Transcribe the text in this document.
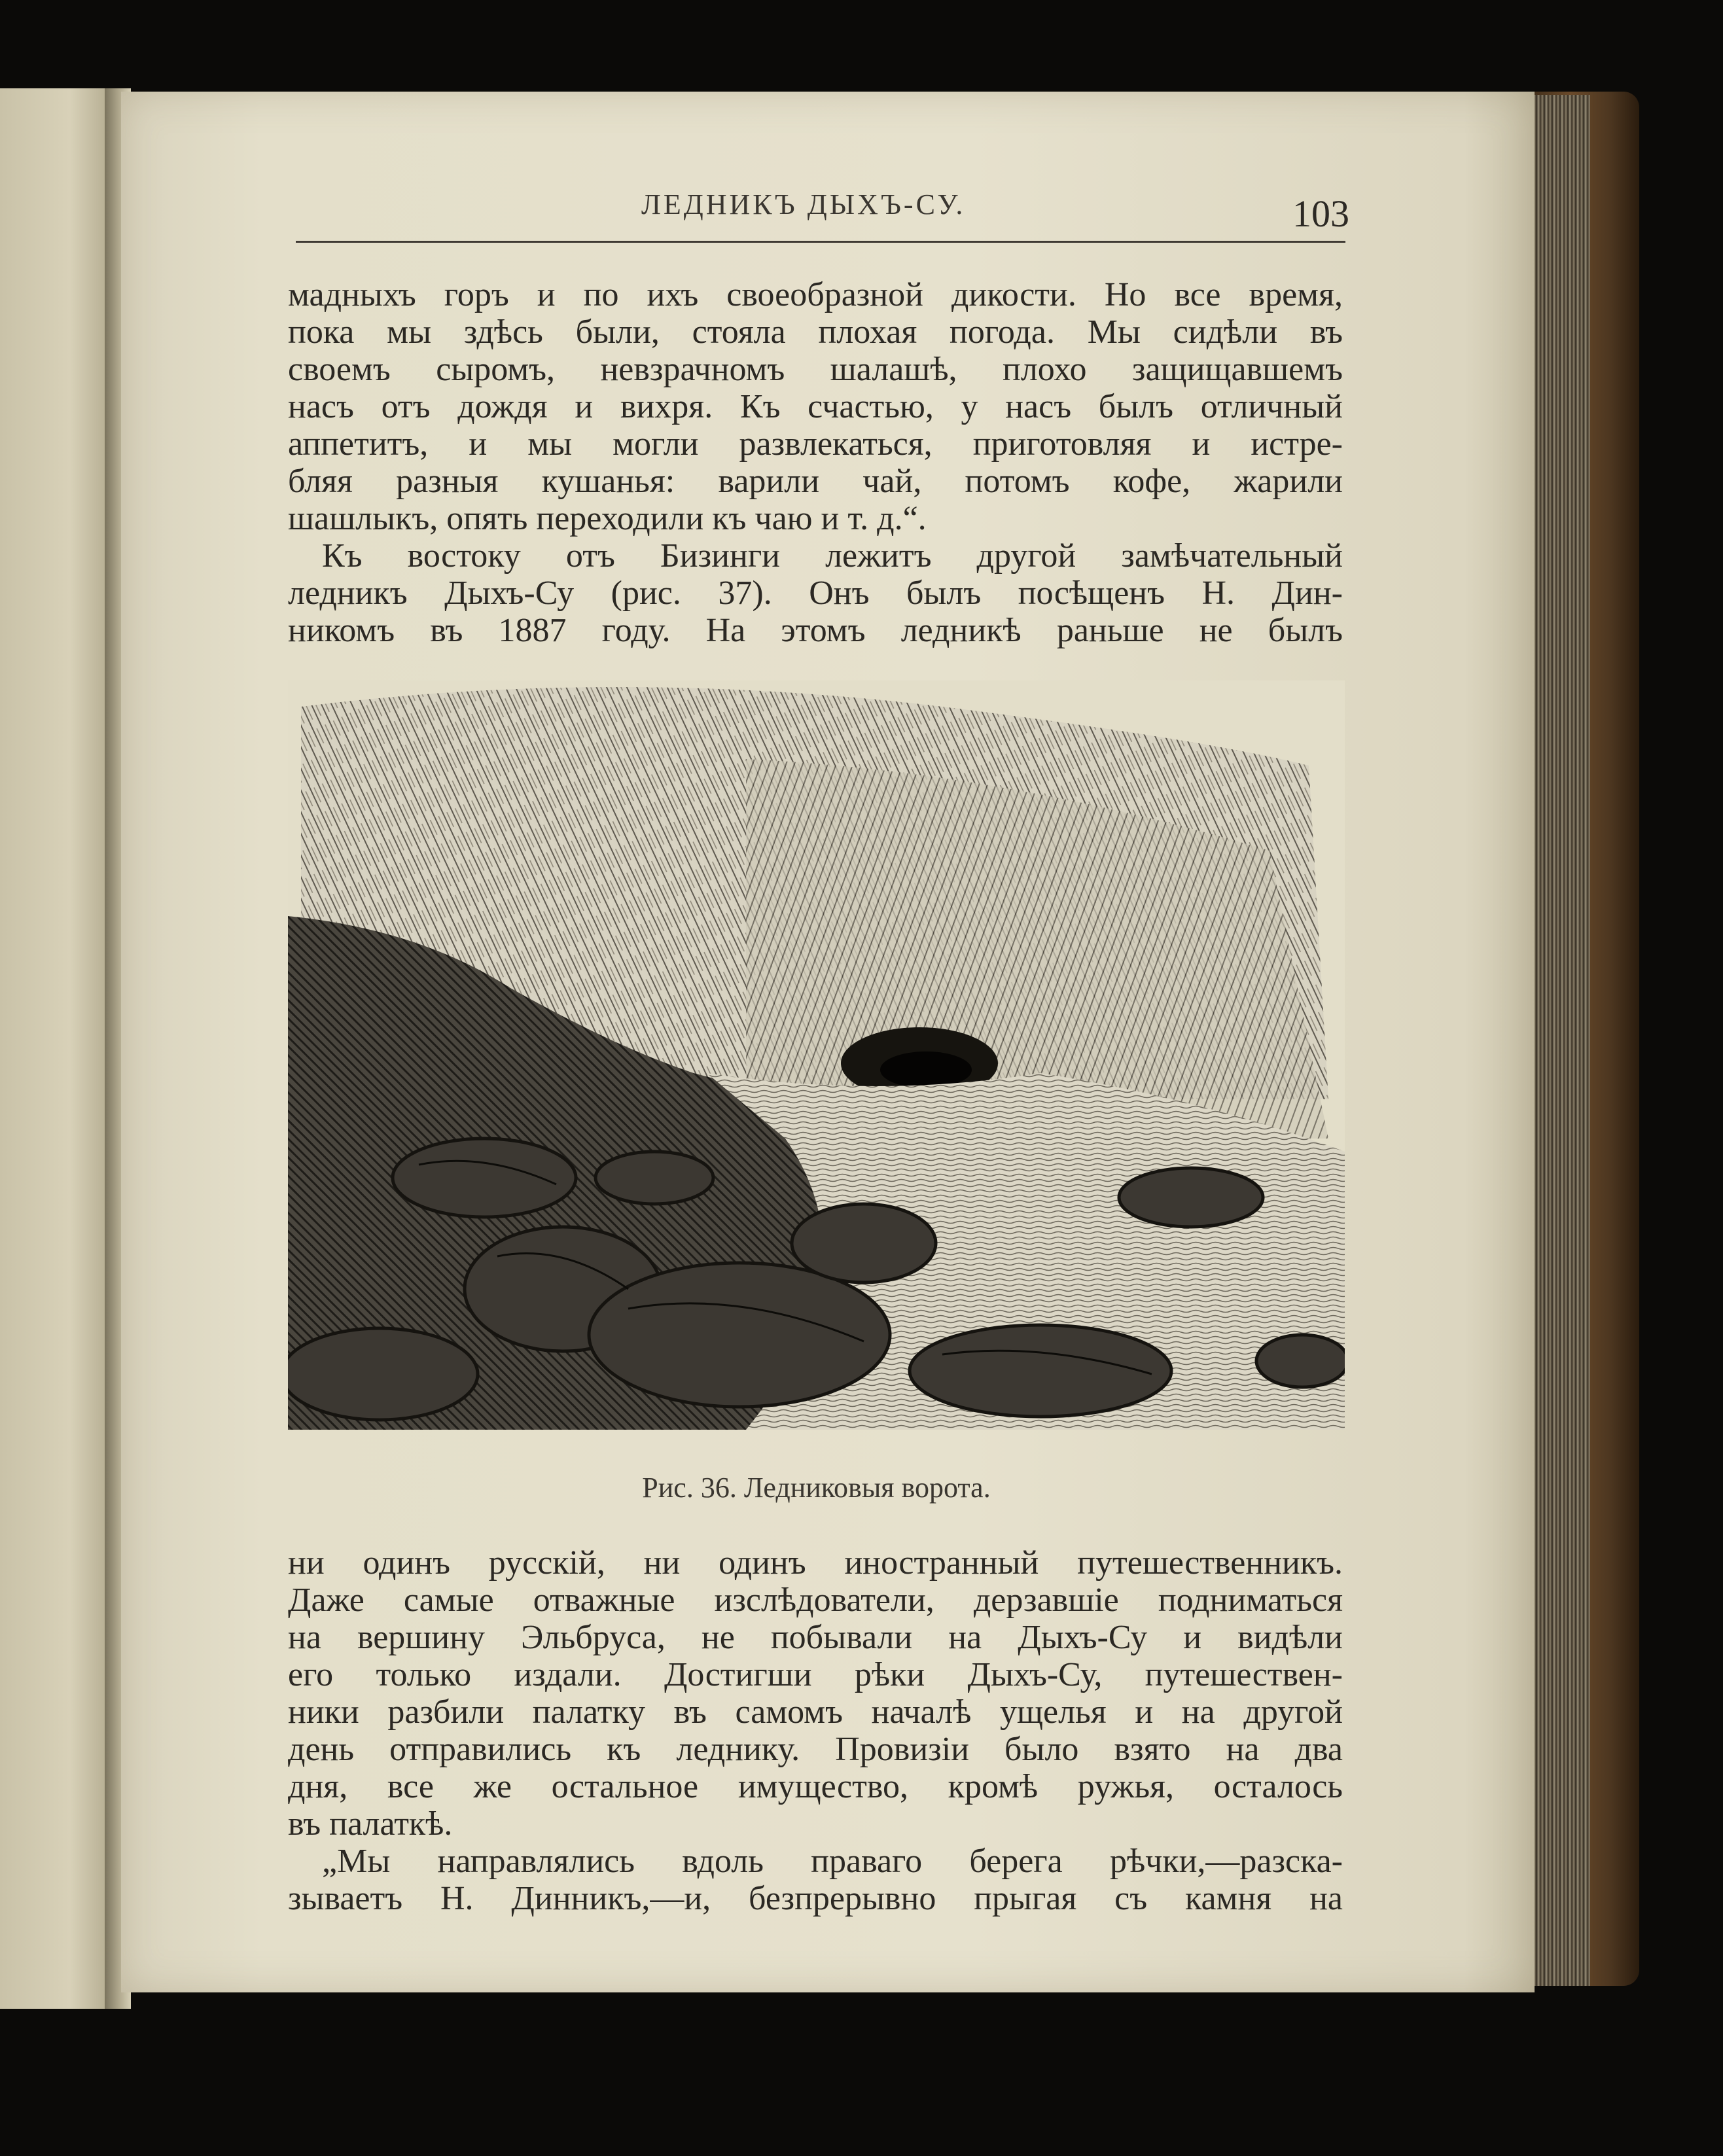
ЛЕДНИКЪ ДЫХЪ-СУ.	103
мадныхъ горъ и по ихъ своеобразной дикости. Но все время,
пока мы здѣсь были, стояла плохая погода. Мы сидѣли въ
своемъ сыромъ, невзрачномъ шалашѣ, плохо защищавшемъ
насъ отъ дождя и вихря. Къ счастью, у насъ былъ отличный
аппетитъ, и мы могли развлекаться, приготовляя и истре-
бляя разныя кушанья: варили чай, потомъ кофе, жарили
шашлыкъ, опять переходили къ чаю и т. д.“.
Къ востоку отъ Бизинги лежитъ другой замѣчательный
ледникъ Дыхъ-Су (рис. 37). Онъ былъ посѣщенъ Н. Дин-
никомъ въ 1887 году. На этомъ ледникѣ раньше не былъ
Рис. 36. Ледниковыя ворота.
ни одинъ русскій, ни одинъ иностранный путешественникъ.
Даже самые отважные изслѣдователи, дерзавшіе подниматься
на вершину Эльбруса, не побывали на Дыхъ-Су и видѣли
его только издали. Достигши рѣки Дыхъ-Су, путешествен-
ники разбили палатку въ самомъ началѣ ущелья и на другой
день отправились къ леднику. Провизіи было взято на два
дня, все же остальное имущество, кромѣ ружья, осталось
въ палаткѣ.
„Мы направлялись вдоль праваго берега рѣчки,—разска-
зываетъ Н. Динникъ,—и, безпрерывно прыгая съ камня на
